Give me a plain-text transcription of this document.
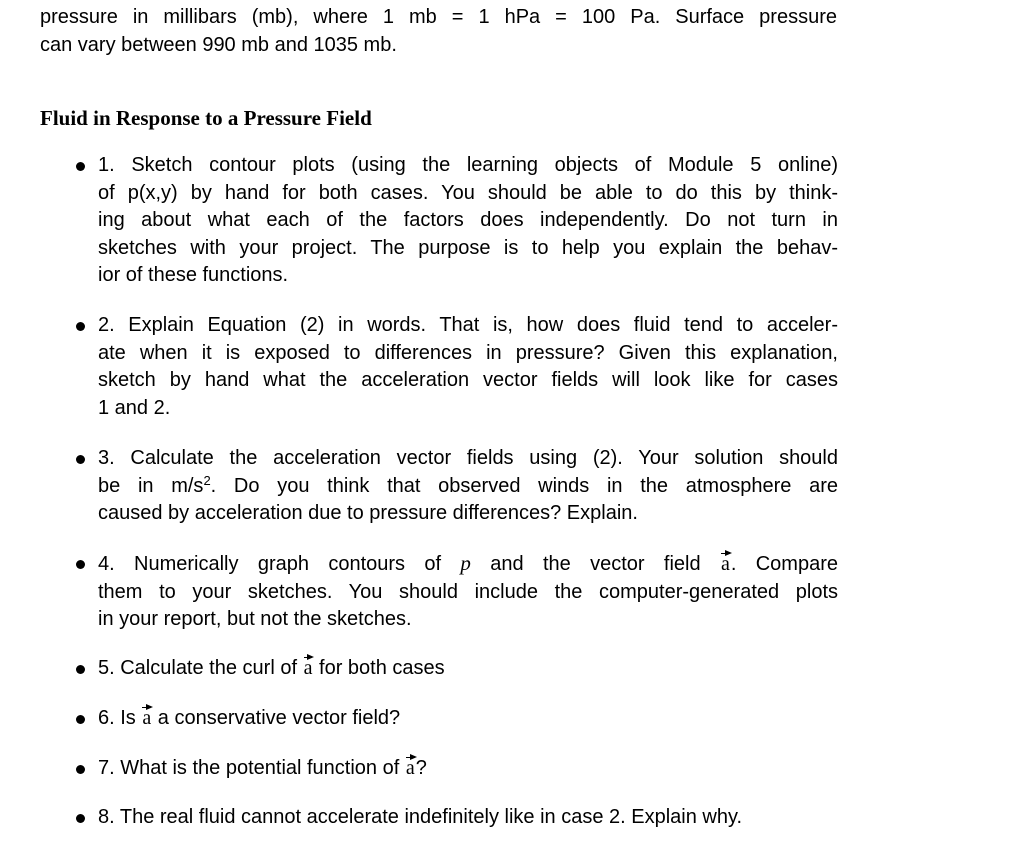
pressure in millibars (mb), where 1 mb = 1 hPa = 100 Pa. Surface pressure

can vary between 990 mb and 1035 mb.

Fluid in Response to a Pressure Field

1. Sketch contour plots (using the learning objects of Module 5 online)
of p(x,y) by hand for both cases. You should be able to do this by think-
ing about what each of the factors does independently. Do not turn in
sketches with your project. The purpose is to help you explain the behav-
ior of these functions.

2. Explain Equation (2) in words. That is, how does fluid tend to acceler-
ate when it is exposed to differences in pressure? Given this explanation,
sketch by hand what the acceleration vector fields will look like for cases
1 and 2.

3. Calculate the acceleration vector fields using (2). Your solution should
be in $m/s^2$. Do you think that observed winds in the atmosphere are
caused by acceleration due to pressure differences? Explain.

4. Numerically graph contours of p and the vector field a. Compare
them to your sketches. You should include the computer-generated plots
in your report, but not the sketches.

5. Calculate the curl of a for both cases

6. Is a a conservative vector field?

7. What is the potential function of a?

8. The real fluid cannot accelerate indefinitely like in case 2. Explain why.
